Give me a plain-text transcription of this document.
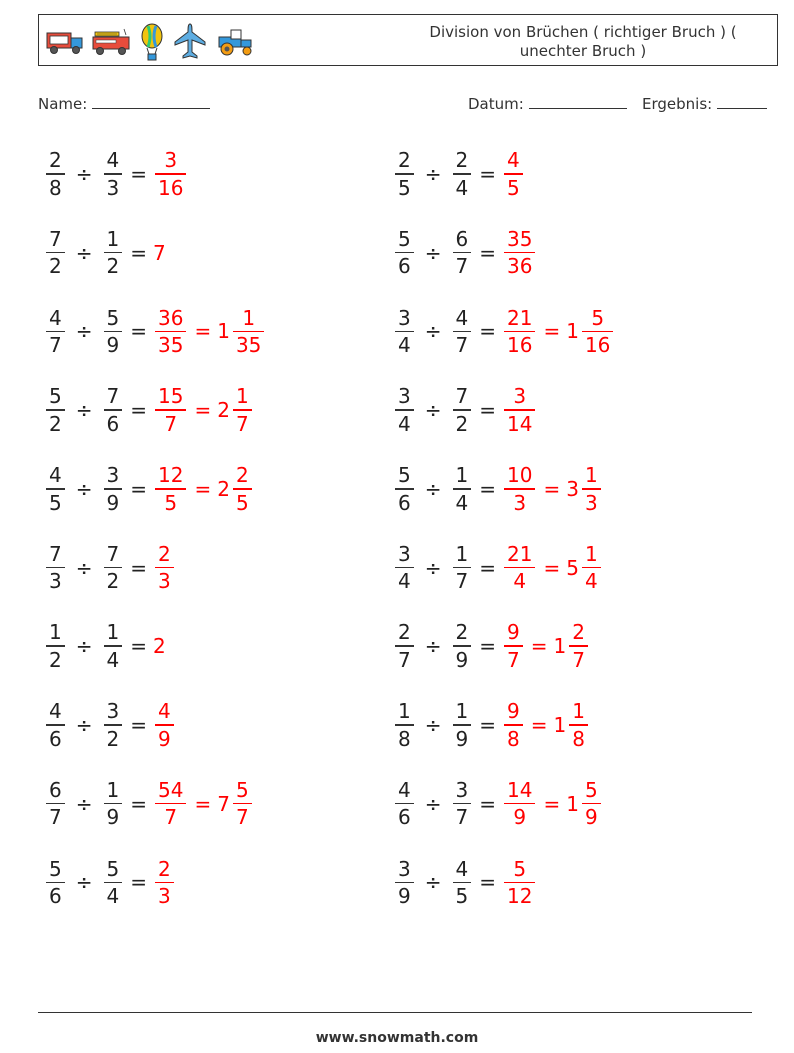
Division von Brüchen ( richtiger Bruch ) ( unechter Bruch )
Name:	Datum:	Ergebnis:
$\frac{2}{8} \div \frac{4}{3} = \frac{3}{16}$	$\frac{2}{5} \div \frac{2}{4} = \frac{4}{5}$
$\frac{7}{2} \div \frac{1}{2} = 7$	$\frac{5}{6} \div \frac{6}{7} = \frac{35}{36}$
$\frac{4}{7} \div \frac{5}{9} = \frac{36}{35} = 1 \frac{1}{35}$	$\frac{3}{4} \div \frac{4}{7} = \frac{21}{16} = 1 \frac{5}{16}$
$\frac{5}{2} \div \frac{7}{6} = \frac{15}{7} = 2 \frac{1}{7}$	$\frac{3}{4} \div \frac{7}{2} = \frac{3}{14}$
$\frac{4}{5} \div \frac{3}{9} = \frac{12}{5} = 2 \frac{2}{5}$	$\frac{5}{6} \div \frac{1}{4} = \frac{10}{3} = 3 \frac{1}{3}$
$\frac{7}{3} \div \frac{7}{2} = \frac{2}{3}$	$\frac{3}{4} \div \frac{1}{7} = \frac{21}{4} = 5 \frac{1}{4}$
$\frac{1}{2} \div \frac{1}{4} = 2$	$\frac{2}{7} \div \frac{2}{9} = \frac{9}{7} = 1 \frac{2}{7}$
$\frac{4}{6} \div \frac{3}{2} = \frac{4}{9}$	$\frac{1}{8} \div \frac{1}{9} = \frac{9}{8} = 1 \frac{1}{8}$
$\frac{6}{7} \div \frac{1}{9} = \frac{54}{7} = 7 \frac{5}{7}$	$\frac{4}{6} \div \frac{3}{7} = \frac{14}{9} = 1 \frac{5}{9}$
$\frac{5}{6} \div \frac{5}{4} = \frac{2}{3}$	$\frac{3}{9} \div \frac{4}{5} = \frac{5}{12}$
www.snowmath.com
